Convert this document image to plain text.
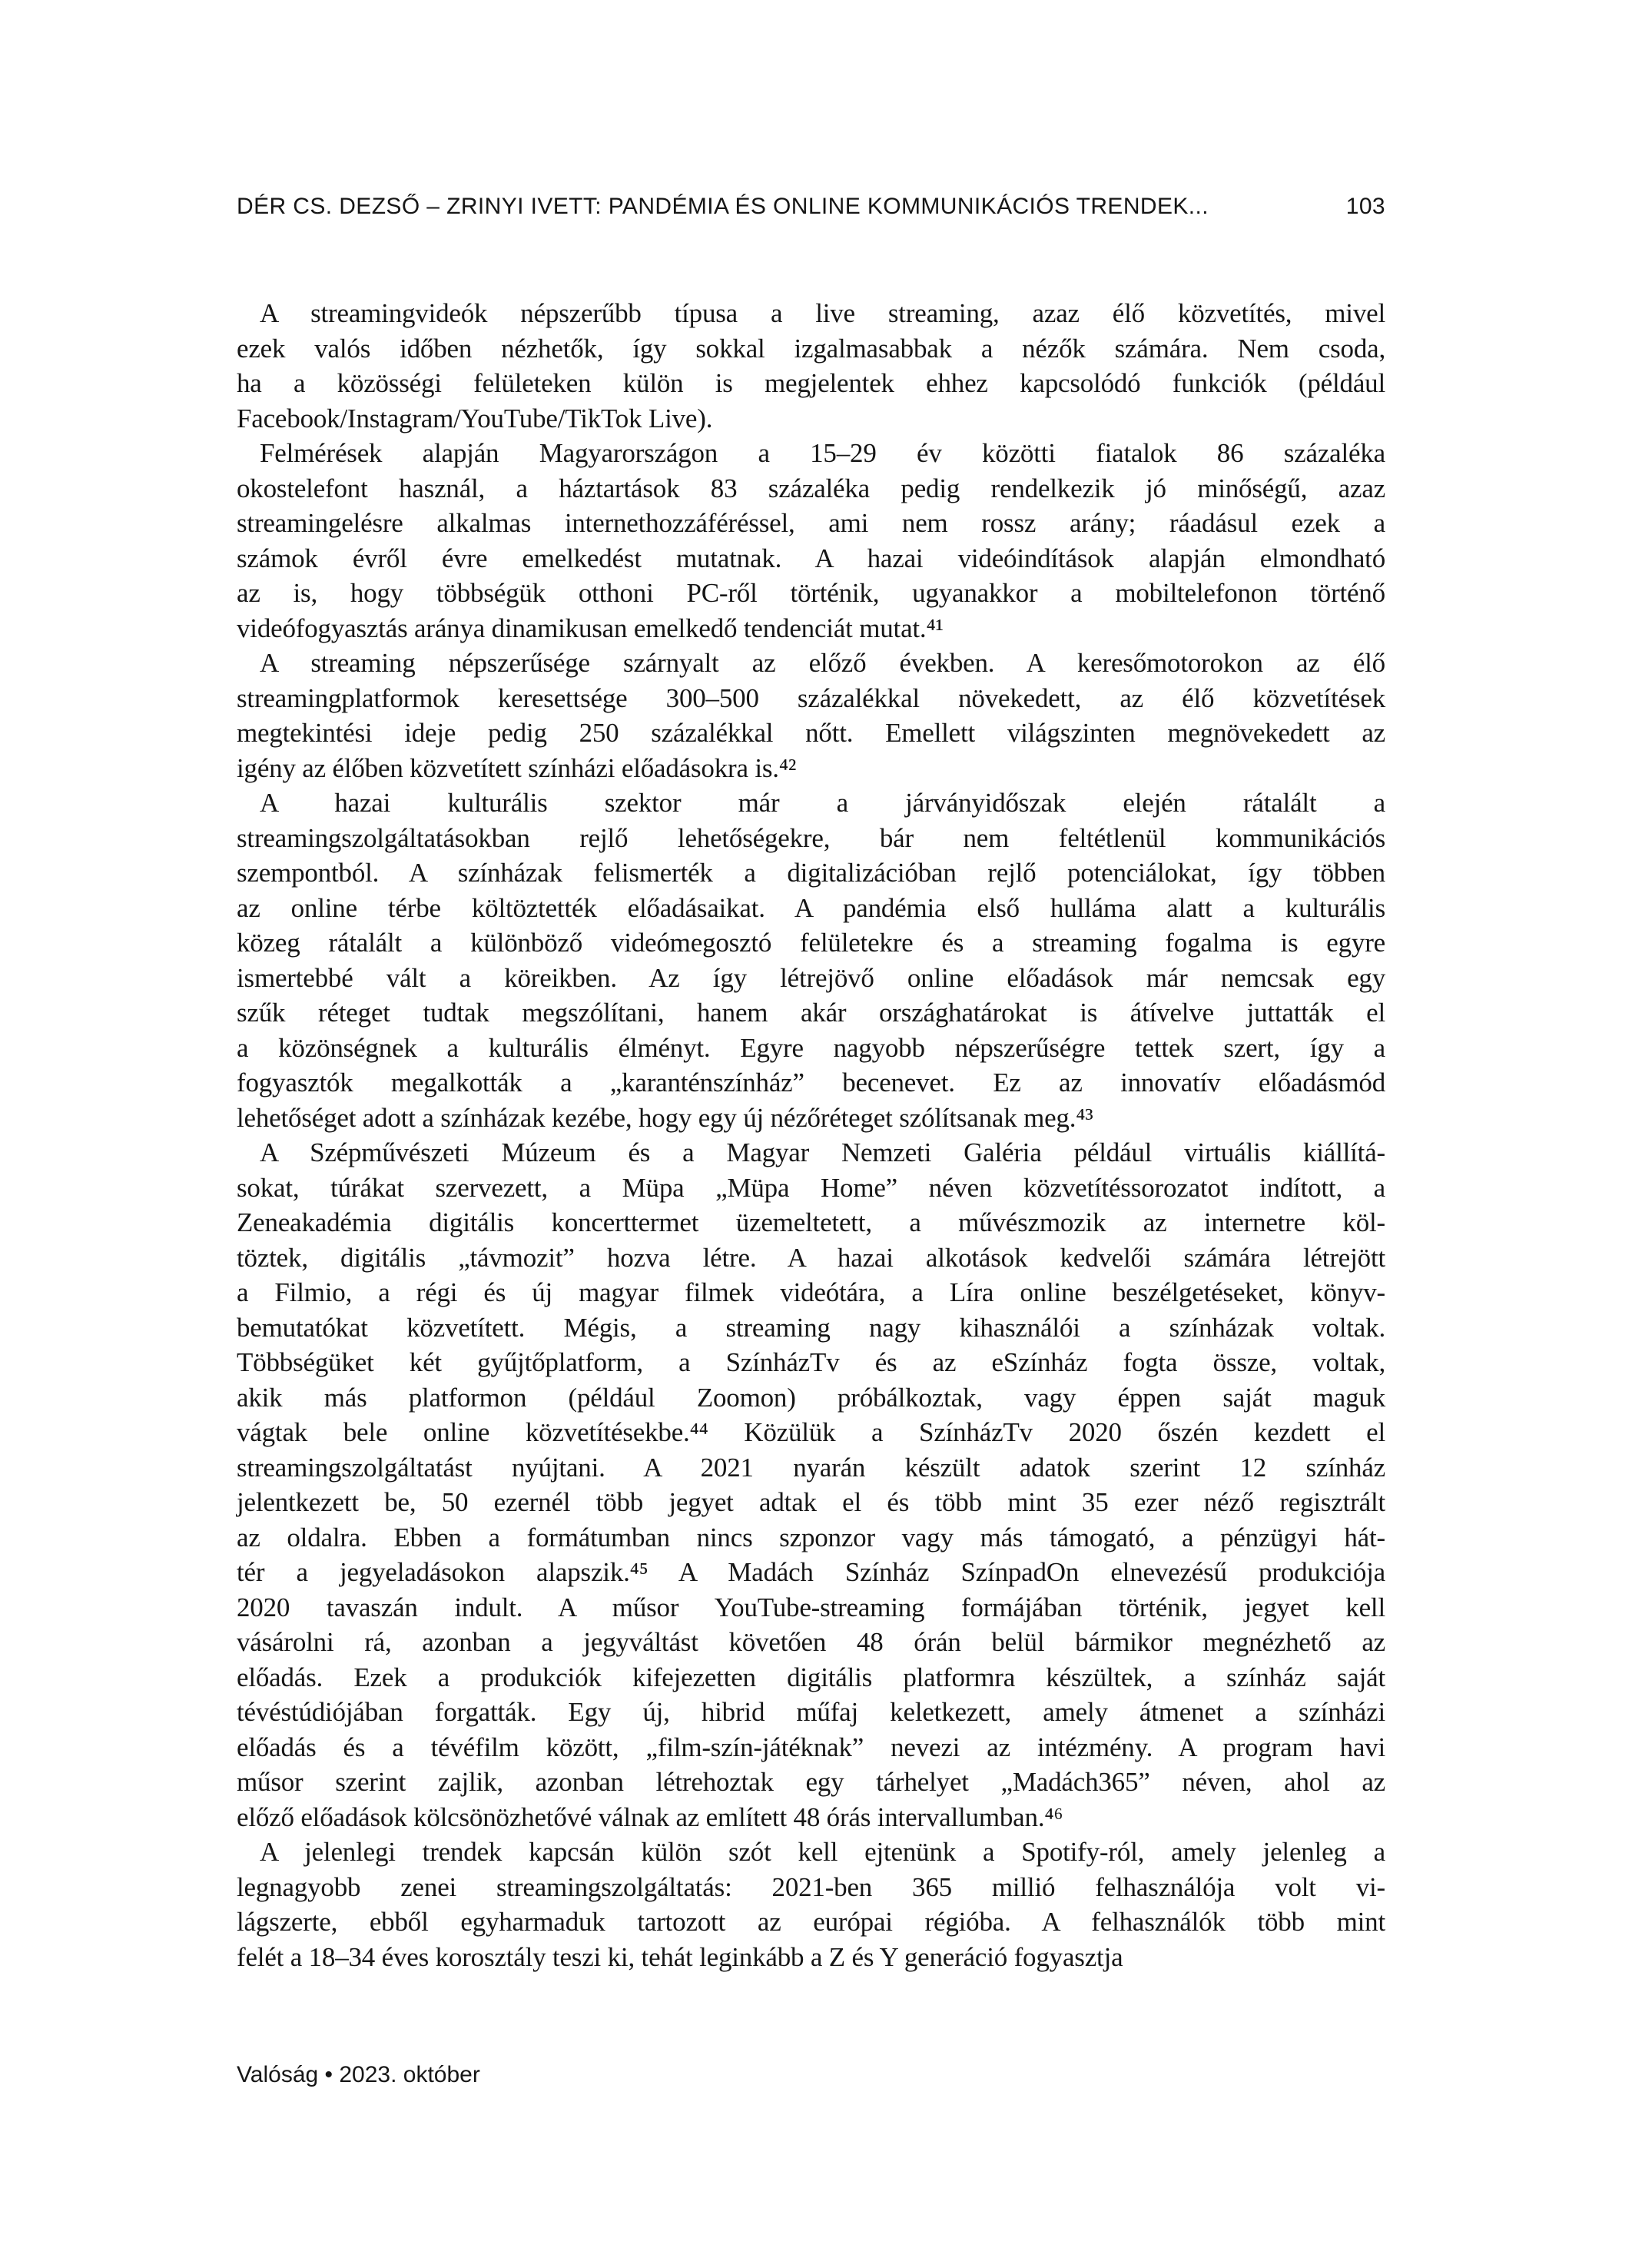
DÉR CS. DEZSŐ – ZRINYI IVETT: PANDÉMIA ÉS ONLINE KOMMUNIKÁCIÓS TRENDEK...	103

A streamingvideók népszerűbb típusa a live streaming, azaz élő közvetítés, mivel
ezek valós időben nézhetők, így sokkal izgalmasabbak a nézők számára. Nem csoda,
ha a közösségi felületeken külön is megjelentek ehhez kapcsolódó funkciók (például
Facebook/Instagram/YouTube/TikTok Live).

Felmérések alapján Magyarországon a 15–29 év közötti fiatalok 86 százaléka
okostelefont használ, a háztartások 83 százaléka pedig rendelkezik jó minőségű, azaz
streamingelésre alkalmas internethozzáféréssel, ami nem rossz arány; ráadásul ezek a
számok évről évre emelkedést mutatnak. A hazai videóindítások alapján elmondható
az is, hogy többségük otthoni PC-ről történik, ugyanakkor a mobiltelefonon történő
videófogyasztás aránya dinamikusan emelkedő tendenciát mutat.⁴¹

A streaming népszerűsége szárnyalt az előző években. A keresőmotorokon az élő
streamingplatformok keresettsége 300–500 százalékkal növekedett, az élő közvetítések
megtekintési ideje pedig 250 százalékkal nőtt. Emellett világszinten megnövekedett az
igény az élőben közvetített színházi előadásokra is.⁴²

A hazai kulturális szektor már a járványidőszak elején rátalált a
streamingszolgáltatásokban rejlő lehetőségekre, bár nem feltétlenül kommunikációs
szempontból. A színházak felismerték a digitalizációban rejlő potenciálokat, így többen
az online térbe költöztették előadásaikat. A pandémia első hulláma alatt a kulturális
közeg rátalált a különböző videómegosztó felületekre és a streaming fogalma is egyre
ismertebbé vált a köreikben. Az így létrejövő online előadások már nemcsak egy
szűk réteget tudtak megszólítani, hanem akár országhatárokat is átívelve juttatták el
a közönségnek a kulturális élményt. Egyre nagyobb népszerűségre tettek szert, így a
fogyasztók megalkották a „karanténszínház” becenevet. Ez az innovatív előadásmód
lehetőséget adott a színházak kezébe, hogy egy új nézőréteget szólítsanak meg.⁴³

A Szépművészeti Múzeum és a Magyar Nemzeti Galéria például virtuális kiállítá-
sokat, túrákat szervezett, a Müpa „Müpa Home” néven közvetítéssorozatot indított, a
Zeneakadémia digitális koncerttermet üzemeltetett, a művészmozik az internetre köl-
töztek, digitális „távmozit” hozva létre. A hazai alkotások kedvelői számára létrejött
a Filmio, a régi és új magyar filmek videótára, a Líra online beszélgetéseket, könyv-
bemutatókat közvetített. Mégis, a streaming nagy kihasználói a színházak voltak.
Többségüket két gyűjtőplatform, a SzínházTv és az eSzínház fogta össze, voltak,
akik más platformon (például Zoomon) próbálkoztak, vagy éppen saját maguk
vágtak bele online közvetítésekbe.⁴⁴ Közülük a SzínházTv 2020 őszén kezdett el
streamingszolgáltatást nyújtani. A 2021 nyarán készült adatok szerint 12 színház
jelentkezett be, 50 ezernél több jegyet adtak el és több mint 35 ezer néző regisztrált
az oldalra. Ebben a formátumban nincs szponzor vagy más támogató, a pénzügyi hát-
tér a jegyeladásokon alapszik.⁴⁵ A Madách Színház SzínpadOn elnevezésű produkciója
2020 tavaszán indult. A műsor YouTube-streaming formájában történik, jegyet kell
vásárolni rá, azonban a jegyváltást követően 48 órán belül bármikor megnézhető az
előadás. Ezek a produkciók kifejezetten digitális platformra készültek, a színház saját
tévéstúdiójában forgatták. Egy új, hibrid műfaj keletkezett, amely átmenet a színházi
előadás és a tévéfilm között, „film-szín-játéknak” nevezi az intézmény. A program havi
műsor szerint zajlik, azonban létrehoztak egy tárhelyet „Madách365” néven, ahol az
előző előadások kölcsönözhetővé válnak az említett 48 órás intervallumban.⁴⁶

A jelenlegi trendek kapcsán külön szót kell ejtenünk a Spotify-ról, amely jelenleg a
legnagyobb zenei streamingszolgáltatás: 2021-ben 365 millió felhasználója volt vi-
lágszerte, ebből egyharmaduk tartozott az európai régióba. A felhasználók több mint
felét a 18–34 éves korosztály teszi ki, tehát leginkább a Z és Y generáció fogyasztja

Valóság • 2023. október
